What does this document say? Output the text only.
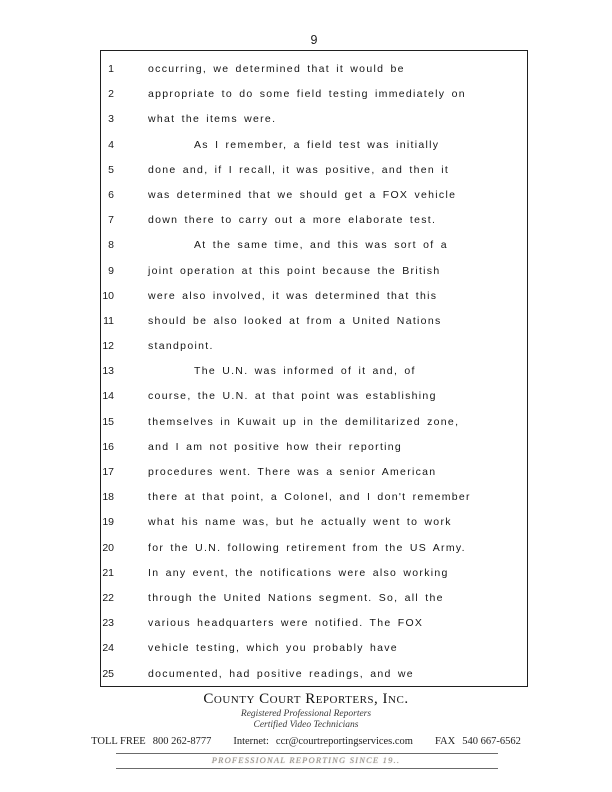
9
1	occurring, we determined that it would be
2	appropriate to do some field testing immediately on
3	what the items were.
4	As I remember, a field test was initially
5	done and, if I recall, it was positive, and then it
6	was determined that we should get a FOX vehicle
7	down there to carry out a more elaborate test.
8	At the same time, and this was sort of a
9	joint operation at this point because the British
10	were also involved, it was determined that this
11	should be also looked at from a United Nations
12	standpoint.
13	The U.N. was informed of it and, of
14	course, the U.N. at that point was establishing
15	themselves in Kuwait up in the demilitarized zone,
16	and I am not positive how their reporting
17	procedures went. There was a senior American
18	there at that point, a Colonel, and I don't remember
19	what his name was, but he actually went to work
20	for the U.N. following retirement from the US Army.
21	In any event, the notifications were also working
22	through the United Nations segment. So, all the
23	various headquarters were notified. The FOX
24	vehicle testing, which you probably have
25	documented, had positive readings, and we
County Court Reporters, Inc.
Registered Professional Reporters
Certified Video Technicians
TOLL FREE 800 262-8777 Internet: ccr@courtreportingservices.com FAX 540 667-6562
PROFESSIONAL REPORTING SINCE 19..
